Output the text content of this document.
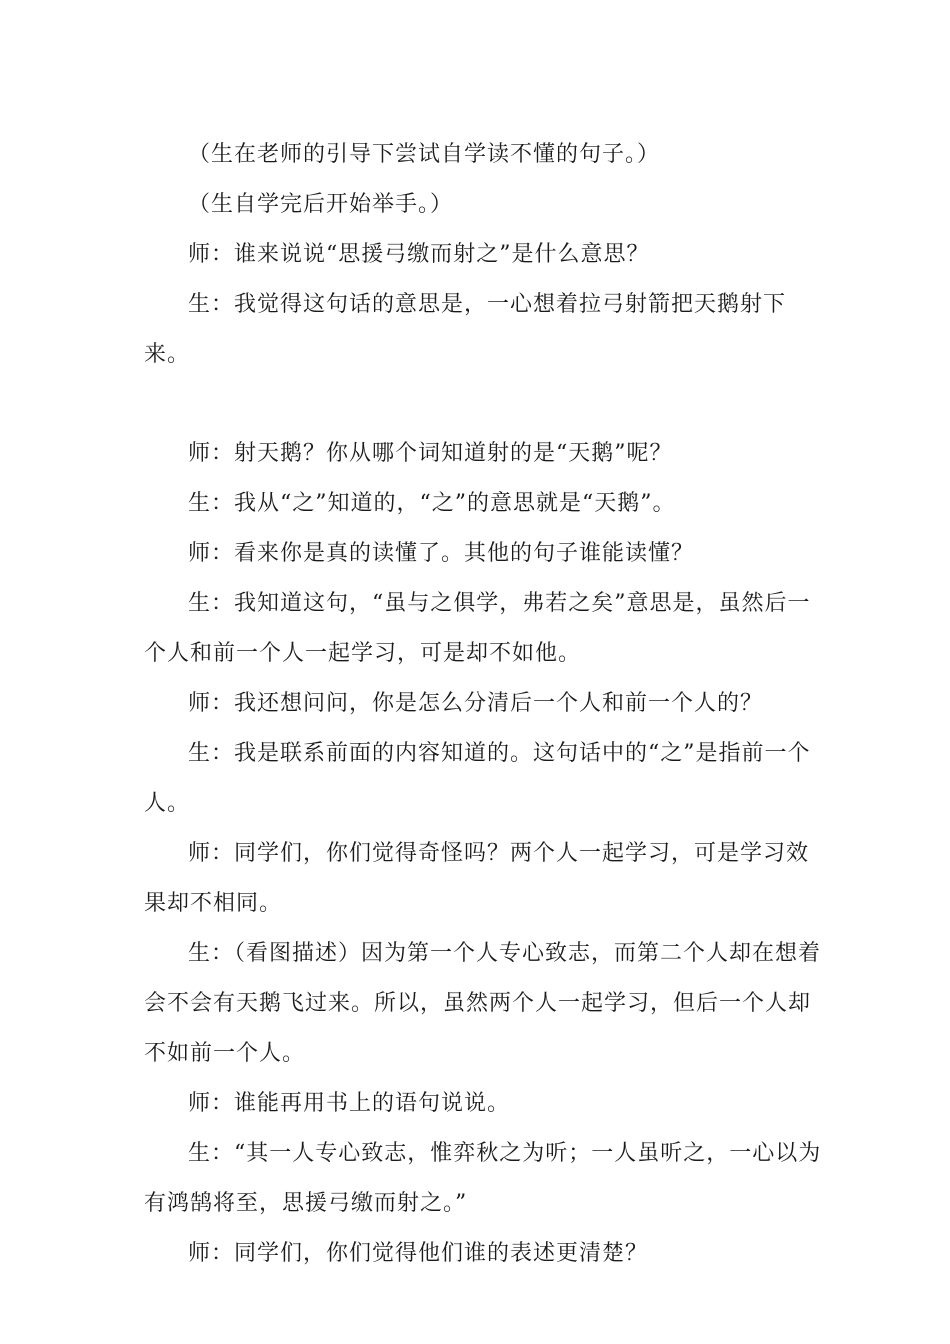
（生在老师的引导下尝试自学读不懂的句子。）

（生自学完后开始举手。）

师：谁来说说“思援弓缴而射之”是什么意思？

生：我觉得这句话的意思是，一心想着拉弓射箭把天鹅射下来。

师：射天鹅？你从哪个词知道射的是“天鹅”呢？

生：我从“之”知道的，“之”的意思就是“天鹅”。

师：看来你是真的读懂了。其他的句子谁能读懂？

生：我知道这句，“虽与之俱学，弗若之矣”意思是，虽然后一个人和前一个人一起学习，可是却不如他。

师：我还想问问，你是怎么分清后一个人和前一个人的？

生：我是联系前面的内容知道的。这句话中的“之”是指前一个人。

师：同学们，你们觉得奇怪吗？两个人一起学习，可是学习效果却不相同。

生：（看图描述）因为第一个人专心致志，而第二个人却在想着会不会有天鹅飞过来。所以，虽然两个人一起学习，但后一个人却不如前一个人。

师：谁能再用书上的语句说说。

生：“其一人专心致志，惟弈秋之为听；一人虽听之，一心以为有鸿鹄将至，思援弓缴而射之。”

师：同学们，你们觉得他们谁的表述更清楚？
